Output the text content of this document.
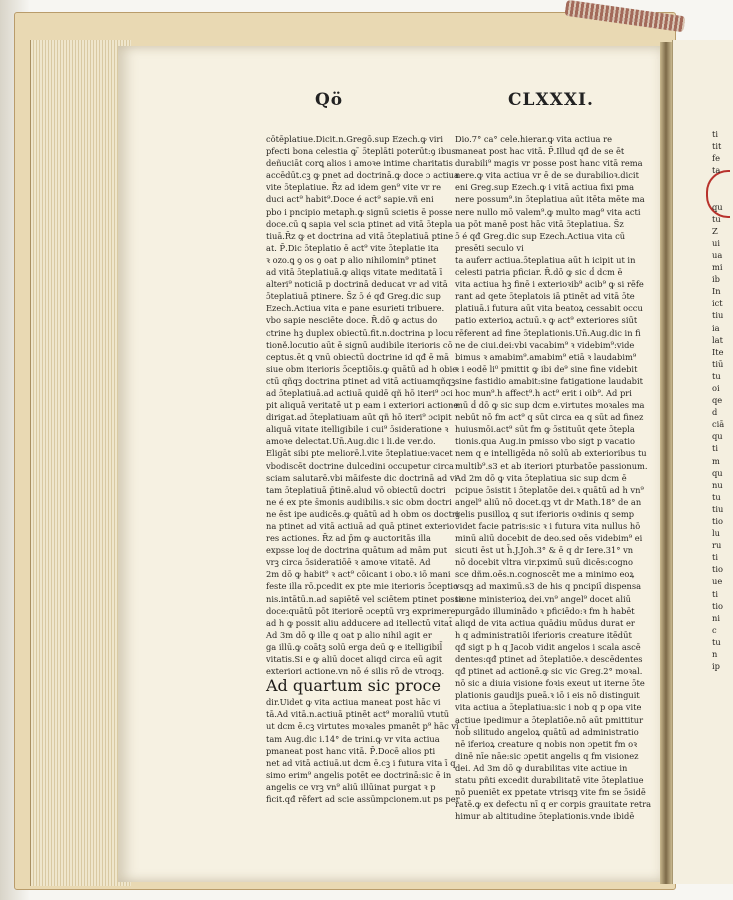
Qö	CLXXXI.
cōtēplatiue.Dicit.n.Gregō.sup Ezech.ꝙ viri
pfecti bona celestia ꝙ ̄ ɔ̄teplāti poterūt:ꝯ ibus
deñuciāt corꝗ alios i amoꝛe intime charitatis
accēdūt.cꝫ ꝙ pnet ad doctrinā.ꝙ doce ɔ actiua
vite ɔ̄teplatiue. R̄z ad idem gen⁹ vite vr re
duci act⁹ habit⁹.Doce é act⁹ sapie.vñ eni
pbo i pncipio metaph.ꝙ signū scietis ē posse
doce.cū ꝗ sapia vel scia ptinet ad vitā ɔ̄tepla
tiuā.R̄z ꝙ et doctrina ad vitā ɔ̄teplatiuā ptine
at. P̄.Dic ɔ̄teplatio ē act⁹ vite ɔ̄teplatie ita
ꝛ ozo.ꝗ ꝯ os ꝯ oat p alio nihilomin⁹ ptinet
ad vitā ɔ̄teplatiuā.ꝙ aliqs vitate meditatā ī
alteri⁹ noticiā p doctrinā deducat vr ad vitā
ɔ̄teplatiuā ptinere. S̄z ɔ̄ é qđ Greg.dic sup
Ezech.Actiua vita e pane esurieti tribuere.
vbo sapie nesciēte doce. R̄.dō ꝙ actus do
ctrine hꝫ duplex obiectū.fit.n.doctrina p locu
tioně.locutio aūt ē signū audibile iterioris cō
ceptus.ēt ꝗ vnū obiectū doctrine id qđ ē mā
siue obm iterioris ɔ̄ceptiōis.ꝙ quātū ad h obie
ctū qñqꝫ doctrina ptinet ad vitā actiuamqñqꝫ
ad ɔ̄teplatiuā.ad actiuā quidē qñ hō iteri⁹ ɔci
pit aliquā veritatē ut p eam i exteriori actione
dirigat.ad ɔ̄teplatiuam aūt qñ hō iteri⁹ ɔcipit
aliquā vitate itelligibile i cui⁹ ɔ̄sideratione ꝛ
amoꝛe delectat.Un̄.Aug.dic i li.de ver.do.
Eligāt sibi pte meliorē.l.vite ɔ̄teplatiue:vacet
vbodiscēt doctrine dulcedini occupetur circa
sciam salutarē.vbi māifeste dic doctrinā ad vi
tam ɔ̄teplatiuā p̄tinē.alud vō obiectū doctri
ne é ex pte s̄monis audibilis.ꝛ sic obm doctri
ne ēst ipe audicēs.ꝙ quātū ad h obm os doctri
na ptinet ad vitā actiuā ad quā ptinet exterio
res actiones. R̄z ad p̄m ꝙ auctoritās illa
expsse loqͥ de doctrina quātum ad mām put
vrꝫ circa ɔ̄sideratiōē ꝛ amoꝛe vitatē. Ad
2m dō ꝙ habit⁹ ꝛ act⁹ cōicant i obo.ꝛ iō mani
feste illa rō.pcedit ex pte mie iterioris ɔ̄ceptio
nis.intātū.n.ad sapiētē vel sciētem ptinet posse
doce:quātū pōt iteriorē ɔceptū vrꝫ exprimere
ad h ꝙ possit aliu adducere ad itellectū vitat̄
Ad 3m dō ꝙ ille q oat p alio nihil agit er
ga illū.ꝙ coātꝫ solū erga deū ꝙ e itelligibil̄
vitatis.Si e ꝙ aliū docet aliqd circa eū agit
exteriori actione.vn nō é silis rō de vtroqꝫ.
Ad quartum sic proce
dir.Uidet ꝙ vita actiua maneat post hāc vi
tā.Ad vitā.n.actiuā ptinēt act⁹ moraliū vtutū
ut dcm ē.cꝫ virtutes moꝛales pmanēt p⁹ hāc vi
tam Aug.dic i.14° de trini.ꝙ vr vita actiua
pmaneat post hanc vitā. P̄.Docē alios pti
net ad vitā actiuā.ut dcm ē.cꝫ i futura vita ī q
simo erim⁹ angelis potēt ee doctrinā:sic ē in
angelis ce vrꝫ vn⁹ aliū illūinat purgat ꝛ p
ficit.qđ rēfert ad scie assūmpcionem.ut ps per
Dio.7° ca° cele.hierar.ꝙ vita actiua re
maneat post hac vitā. P̄.Illud qđ de se ēt
durabili⁹ magis vr posse post hanc vitā rema
nere.ꝙ vita actiua vr ē de se durabilioꝛ.dicit
eni Greg.sup Ezech.ꝙ i vitā actiua fixi pma
nere possum⁹.in ɔ̄teplatiua aūt itēta mēte ma
nere nullo mō valem⁹.ꝙ multo mag⁹ vita acti
ua pōt manē post hāc vitā ɔ̄teplatiua. S̄z
ɔ̄ é qđ Greg.dic sup Ezech.Actiua vita cū
presēti seculo vi
ta auferr actiua.ɔ̄teplatiua aūt h icipit ut in
celesti patria pficiar. R̄.dō ꝙ sic ḋ dcm ē
vita actiua hꝫ finē i exterioꝛib⁹ acib⁹ ꝙ si rēfe
rant ad qete ɔ̄teplatois iā ptinēt ad vitā ɔ̄te
platiuā.i futura aūt vita beatoꝝ cessabit occu
patio exterioꝝ actuū.ꝛ ꝙ act⁹ exteriores siūt
rēferent ad fine ɔ̄teplationis.Un̄.Aug.dic in fi
ne de ciui.dei:vbi vacabim⁹ ꝛ videbim⁹:vide
bimus ꝛ amabim⁹.amabim⁹ etiā ꝛ laudabim⁹
ꝛ i eodē li⁰ pmittit ꝙ ibi de⁹ sine fine videbit
sine fastidio amabit:sine fatigatione laudabit
hoc mun⁹.h affect⁹.h act⁹ erit i oib⁹. Ad pri
mū ḋ dō ꝙ sic sup dcm e.virtutes moꝛales ma
nebūt nō fm act⁹ q sūt circa ea q sūt ad finez
huiusmōi.act⁹ sūt fm ꝙ ɔ̄stituūt qete ɔ̄tepla
tionis.qua Aug.in pmisso vbo sigt p vacatio
nem q e intelligēda nō solū ab exterioribus tu
multib⁹.s3 et ab iteriori pturbatōe passionum.
Ad 2m dō ꝙ vita ɔ̄teplatiua sic sup dcm ē
pcipue ɔ̄sistit i ɔ̄teplatōe dei.ꝛ quātū ad h vn⁹
angel⁹ aliū nō docet.qꝫ vt dr Math.18° de an
gelis pusilloꝝ q sut iferioris oꝛdinis q semp
videt facie patris:sic ꝛ i futura vita nullus hō
minū aliū docebit de deo.sed oēs videbim⁹ ei
sicuti ēst ut h̄.J.Joh.3° & ē q dr Iere.31° vn
nō docebit vltra vir.pximū suū dicēs:cogno
sce dñm.oēs.n.cognoscēt me a minimo eoꝝ
vsqꝫ ad maximū.s3 de his q pncipiī dispensa
tione ministerioꝝ dei.vn⁹ angel⁹ docet aliū
purgādo illuminādo ꝛ pficiēdo:ꝛ fm h habēt
aliqd de vita actiua quādiu mūdus durat er
h q administratiōi iferioris creature itēdūt
qđ sigt p h q Jacob vidit angelos i scala ascē
dentes:qđ ptinet ad ɔ̄teplatiōe.ꝛ descēdentes
qđ ptinet ad actionē.ꝙ sic vic Greg.2° moꝛal.
nō sic a diuia visione foꝛis exeut ut iterne ɔ̄te
plationis gaudijs pueā.ꝛ iō i eis nō distinguit
vita actiua a ɔ̄teplatiua:sic i nob q p opa vite
actiue ipedimur a ɔ̄teplatiōe.nō aūt pmittitur
nob̄ silitudo angeloꝝ quātū ad administratio
nē iferioꝝ creature q nobis non ɔpetit fm oꝛ
dinē nīe nāe:sic ɔpetit angelis q fm visionez
dei. Ad 3m dō ꝙ durabilitas vite actiue in
statu pñti excedit durabilitatē vite ɔ̄teplatiue
nō pueniēt ex ppetate vtrisqꝫ vite fm se ɔ̄sidē
ratē.ꝙ ex defectu nī q er corpis grauitate retra
himur ab altitudine ɔ̄teplationis.vnde ibidē
ti
tit
fe
ta
qu
tu
Z
ui
ua
mi
ib
In
ict
tiu
ia
lat
Ite
tiū
tu
oi
qe
d
ciā
qu
ti
m
qu
nu
tu
tiu
tio
lu
ru
ti
tio
ue
ti
tio
ni
c
tu
n
ip
